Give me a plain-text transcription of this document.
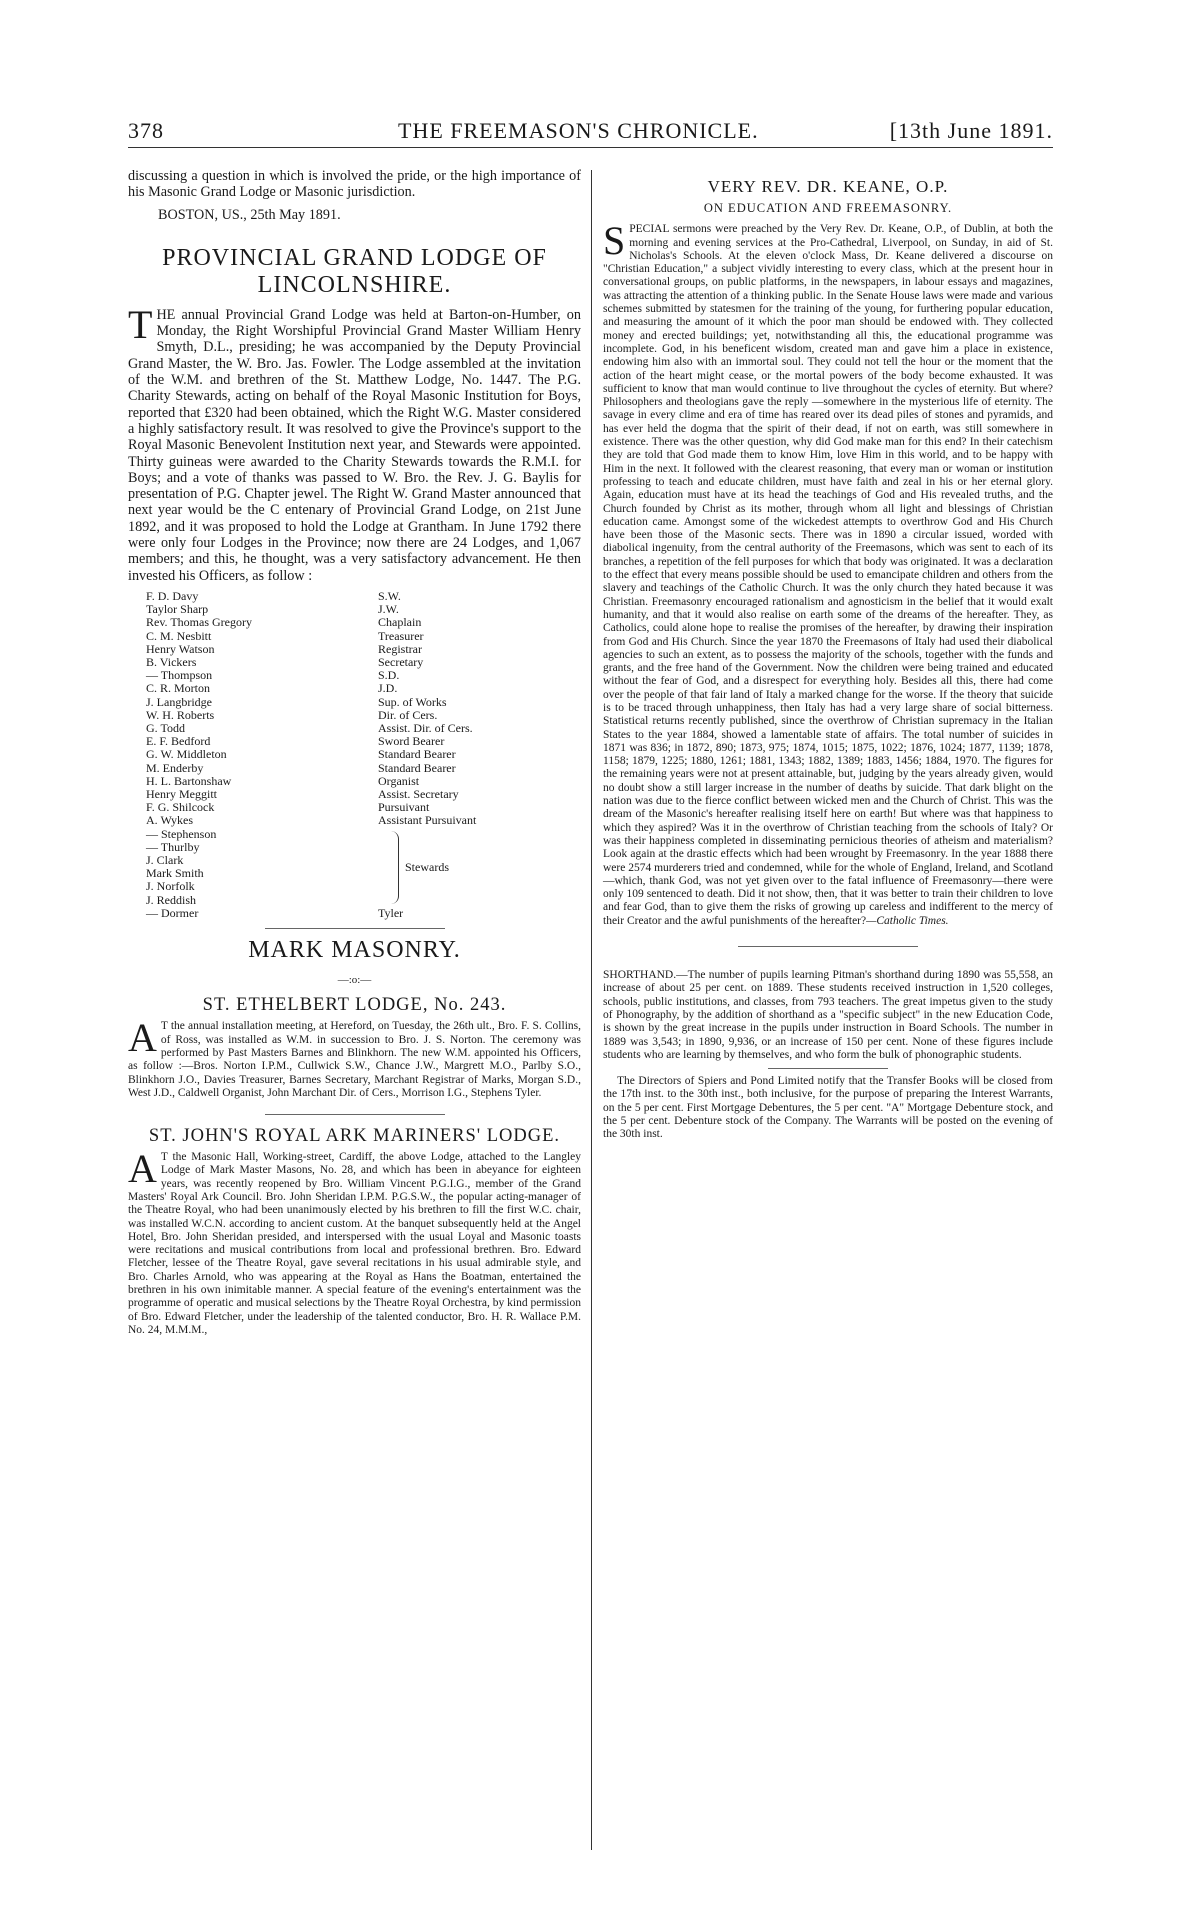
378	THE FREEMASON'S CHRONICLE.	[13th June 1891.

discussing a question in which is involved the pride, or the high importance of his Masonic Grand Lodge or Masonic jurisdiction.

BOSTON, US., 25th May 1891.

PROVINCIAL GRAND LODGE OF LINCOLNSHIRE.

THE annual Provincial Grand Lodge was held at Barton-on-Humber, on Monday, the Right Worshipful Provincial Grand Master William Henry Smyth, D.L., presiding; he was accompanied by the Deputy Provincial Grand Master, the W. Bro. Jas. Fowler. The Lodge assembled at the invitation of the W.M. and brethren of the St. Matthew Lodge, No. 1447. The P.G. Charity Stewards, acting on behalf of the Royal Masonic Institution for Boys, reported that £320 had been obtained, which the Right W.G. Master considered a highly satisfactory result. It was resolved to give the Province's support to the Royal Masonic Benevolent Institution next year, and Stewards were appointed. Thirty guineas were awarded to the Charity Stewards towards the R.M.I. for Boys; and a vote of thanks was passed to W. Bro. the Rev. J. G. Baylis for presentation of P.G. Chapter jewel. The Right W. Grand Master announced that next year would be the C entenary of Provincial Grand Lodge, on 21st June 1892, and it was proposed to hold the Lodge at Grantham. In June 1792 there were only four Lodges in the Province; now there are 24 Lodges, and 1,067 members; and this, he thought, was a very satisfactory advancement. He then invested his Officers, as follow :

F. D. Davy	S.W.
Taylor Sharp	J.W.
Rev. Thomas Gregory	Chaplain
C. M. Nesbitt	Treasurer
Henry Watson	Registrar
B. Vickers	Secretary
— Thompson	S.D.
C. R. Morton	J.D.
J. Langbridge	Sup. of Works
W. H. Roberts	Dir. of Cers.
G. Todd	Assist. Dir. of Cers.
E. F. Bedford	Sword Bearer
G. W. Middleton	Standard Bearer
M. Enderby	Standard Bearer
H. L. Bartonshaw	Organist
Henry Meggitt	Assist. Secretary
F. G. Shilcock	Pursuivant
A. Wykes	Assistant Pursuivant
— Stephenson
— Thurlby
J. Clark
Mark Smith
J. Norfolk
J. Reddish
Stewards
— Dormer	Tyler
MARK MASONRY.
—:o:—
ST. ETHELBERT LODGE, No. 243.

A T the annual installation meeting, at Hereford, on Tuesday, the 26th ult., Bro. F. S. Collins, of Ross, was installed as W.M. in succession to Bro. J. S. Norton. The ceremony was performed by Past Masters Barnes and Blinkhorn. The new W.M. appointed his Officers, as follow :—Bros. Norton I.P.M., Cullwick S.W., Chance J.W., Margrett M.O., Parlby S.O., Blinkhorn J.O., Davies Treasurer, Barnes Secretary, Marchant Registrar of Marks, Morgan S.D., West J.D., Caldwell Organist, John Marchant Dir. of Cers., Morrison I.G., Stephens Tyler.

ST. JOHN'S ROYAL ARK MARINERS' LODGE.

A T the Masonic Hall, Working-street, Cardiff, the above Lodge, attached to the Langley Lodge of Mark Master Masons, No. 28, and which has been in abeyance for eighteen years, was recently reopened by Bro. William Vincent P.G.I.G., member of the Grand Masters' Royal Ark Council. Bro. John Sheridan I.P.M. P.G.S.W., the popular acting-manager of the Theatre Royal, who had been unanimously elected by his brethren to fill the first W.C. chair, was installed W.C.N. according to ancient custom. At the banquet subsequently held at the Angel Hotel, Bro. John Sheridan presided, and interspersed with the usual Loyal and Masonic toasts were recitations and musical contributions from local and professional brethren. Bro. Edward Fletcher, lessee of the Theatre Royal, gave several recitations in his usual admirable style, and Bro. Charles Arnold, who was appearing at the Royal as Hans the Boatman, entertained the brethren in his own inimitable manner. A special feature of the evening's entertainment was the programme of operatic and musical selections by the Theatre Royal Orchestra, by kind permission of Bro. Edward Fletcher, under the leadership of the talented conductor, Bro. H. R. Wallace P.M. No. 24, M.M.M.,

VERY REV. DR. KEANE, O.P.
ON EDUCATION AND FREEMASONRY.

SPECIAL sermons were preached by the Very Rev. Dr. Keane, O.P., of Dublin, at both the morning and evening services at the Pro-Cathedral, Liverpool, on Sunday, in aid of St. Nicholas's Schools. At the eleven o'clock Mass, Dr. Keane delivered a discourse on "Christian Education," a subject vividly interesting to every class, which at the present hour in conversational groups, on public platforms, in the newspapers, in labour essays and magazines, was attracting the attention of a thinking public. In the Senate House laws were made and various schemes submitted by statesmen for the training of the young, for furthering popular education, and measuring the amount of it which the poor man should be endowed with. They collected money and erected buildings; yet, notwithstanding all this, the educational programme was incomplete. God, in his beneficent wisdom, created man and gave him a place in existence, endowing him also with an immortal soul. They could not tell the hour or the moment that the action of the heart might cease, or the mortal powers of the body become exhausted. It was sufficient to know that man would continue to live throughout the cycles of eternity. But where? Philosophers and theologians gave the reply —somewhere in the mysterious life of eternity. The savage in every clime and era of time has reared over its dead piles of stones and pyramids, and has ever held the dogma that the spirit of their dead, if not on earth, was still somewhere in existence. There was the other question, why did God make man for this end? In their catechism they are told that God made them to know Him, love Him in this world, and to be happy with Him in the next. It followed with the clearest reasoning, that every man or woman or institution professing to teach and educate children, must have faith and zeal in his or her eternal glory. Again, education must have at its head the teachings of God and His revealed truths, and the Church founded by Christ as its mother, through whom all light and blessings of Christian education came. Amongst some of the wickedest attempts to overthrow God and His Church have been those of the Masonic sects. There was in 1890 a circular issued, worded with diabolical ingenuity, from the central authority of the Freemasons, which was sent to each of its branches, a repetition of the fell purposes for which that body was originated. It was a declaration to the effect that every means possible should be used to emancipate children and others from the slavery and teachings of the Catholic Church. It was the only church they hated because it was Christian. Freemasonry encouraged rationalism and agnosticism in the belief that it would exalt humanity, and that it would also realise on earth some of the dreams of the hereafter. They, as Catholics, could alone hope to realise the promises of the hereafter, by drawing their inspiration from God and His Church. Since the year 1870 the Freemasons of Italy had used their diabolical agencies to such an extent, as to possess the majority of the schools, together with the funds and grants, and the free hand of the Government. Now the children were being trained and educated without the fear of God, and a disrespect for everything holy. Besides all this, there had come over the people of that fair land of Italy a marked change for the worse. If the theory that suicide is to be traced through unhappiness, then Italy has had a very large share of social bitterness. Statistical returns recently published, since the overthrow of Christian supremacy in the Italian States to the year 1884, showed a lamentable state of affairs. The total number of suicides in 1871 was 836; in 1872, 890; 1873, 975; 1874, 1015; 1875, 1022; 1876, 1024; 1877, 1139; 1878, 1158; 1879, 1225; 1880, 1261; 1881, 1343; 1882, 1389; 1883, 1456; 1884, 1970. The figures for the remaining years were not at present attainable, but, judging by the years already given, would no doubt show a still larger increase in the number of deaths by suicide. That dark blight on the nation was due to the fierce conflict between wicked men and the Church of Christ. This was the dream of the Masonic's hereafter realising itself here on earth! But where was that happiness to which they aspired? Was it in the overthrow of Christian teaching from the schools of Italy? Or was their happiness completed in disseminating pernicious theories of atheism and materialism? Look again at the drastic effects which had been wrought by Freemasonry. In the year 1888 there were 2574 murderers tried and condemned, while for the whole of England, Ireland, and Scotland—which, thank God, was not yet given over to the fatal influence of Freemasonry—there were only 109 sentenced to death. Did it not show, then, that it was better to train their children to love and fear God, than to give them the risks of growing up careless and indifferent to the mercy of their Creator and the awful punishments of the hereafter?—Catholic Times.

SHORTHAND.—The number of pupils learning Pitman's shorthand during 1890 was 55,558, an increase of about 25 per cent. on 1889. These students received instruction in 1,520 colleges, schools, public institutions, and classes, from 793 teachers. The great impetus given to the study of Phonography, by the addition of shorthand as a "specific subject" in the new Education Code, is shown by the great increase in the pupils under instruction in Board Schools. The number in 1889 was 3,543; in 1890, 9,936, or an increase of 150 per cent. None of these figures include students who are learning by themselves, and who form the bulk of phonographic students.

The Directors of Spiers and Pond Limited notify that the Transfer Books will be closed from the 17th inst. to the 30th inst., both inclusive, for the purpose of preparing the Interest Warrants, on the 5 per cent. First Mortgage Debentures, the 5 per cent. "A" Mortgage Debenture stock, and the 5 per cent. Debenture stock of the Company. The Warrants will be posted on the evening of the 30th inst.
